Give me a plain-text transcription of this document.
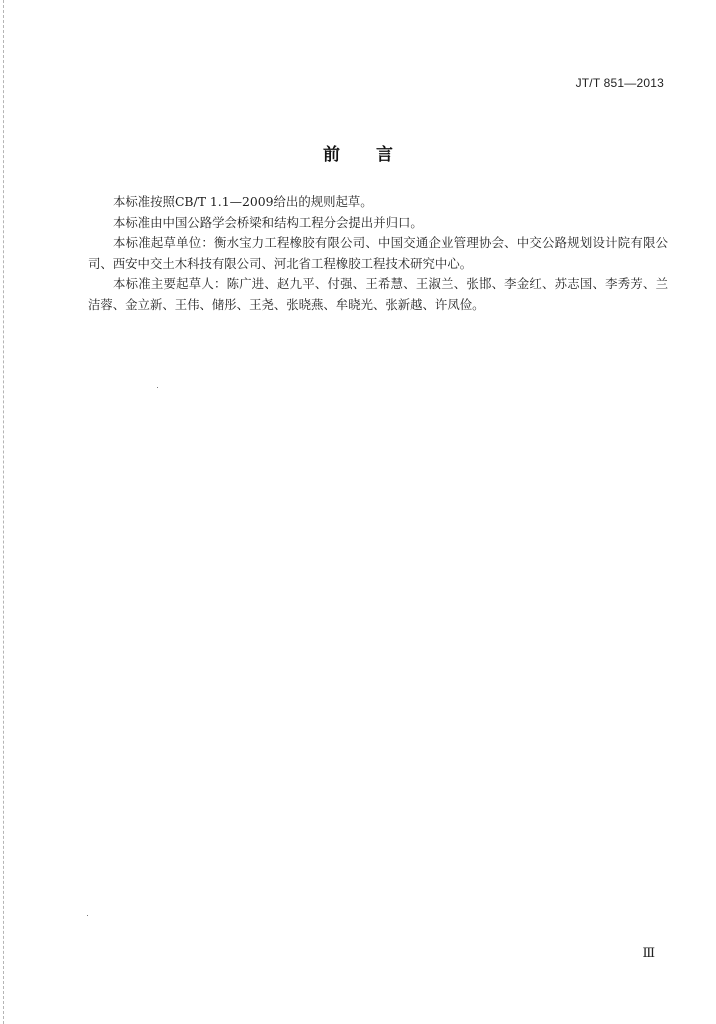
JT/T 851—2013
前 言

本标准按照CB/T 1.1—2009给出的规则起草。

本标准由中国公路学会桥梁和结构工程分会提出并归口。

本标准起草单位：衡水宝力工程橡胶有限公司、中国交通企业管理协会、中交公路规划设计院有限公司、西安中交土木科技有限公司、河北省工程橡胶工程技术研究中心。

本标准主要起草人：陈广进、赵九平、付强、王希慧、王淑兰、张邯、李金红、苏志国、李秀芳、兰洁蓉、金立新、王伟、储彤、王尧、张晓燕、牟晓光、张新越、许凤俭。

Ⅲ
